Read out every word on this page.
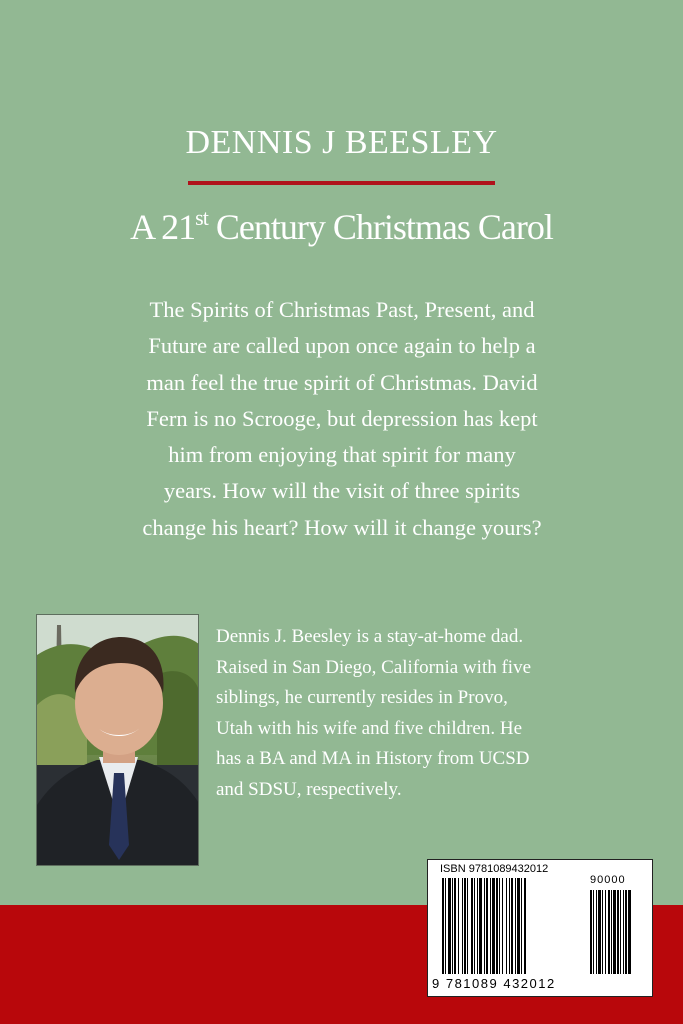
DENNIS J BEESLEY
A 21st Century Christmas Carol
The Spirits of Christmas Past, Present, and
Future are called upon once again to help a
man feel the true spirit of Christmas. David
Fern is no Scrooge, but depression has kept
him from enjoying that spirit for many
years. How will the visit of three spirits
change his heart? How will it change yours?
Dennis J. Beesley is a stay-at-home dad.
Raised in San Diego, California with five
siblings, he currently resides in Provo,
Utah with his wife and five children. He
has a BA and MA in History from UCSD
and SDSU, respectively.
ISBN 9781089432012
90000
9 781089 432012
